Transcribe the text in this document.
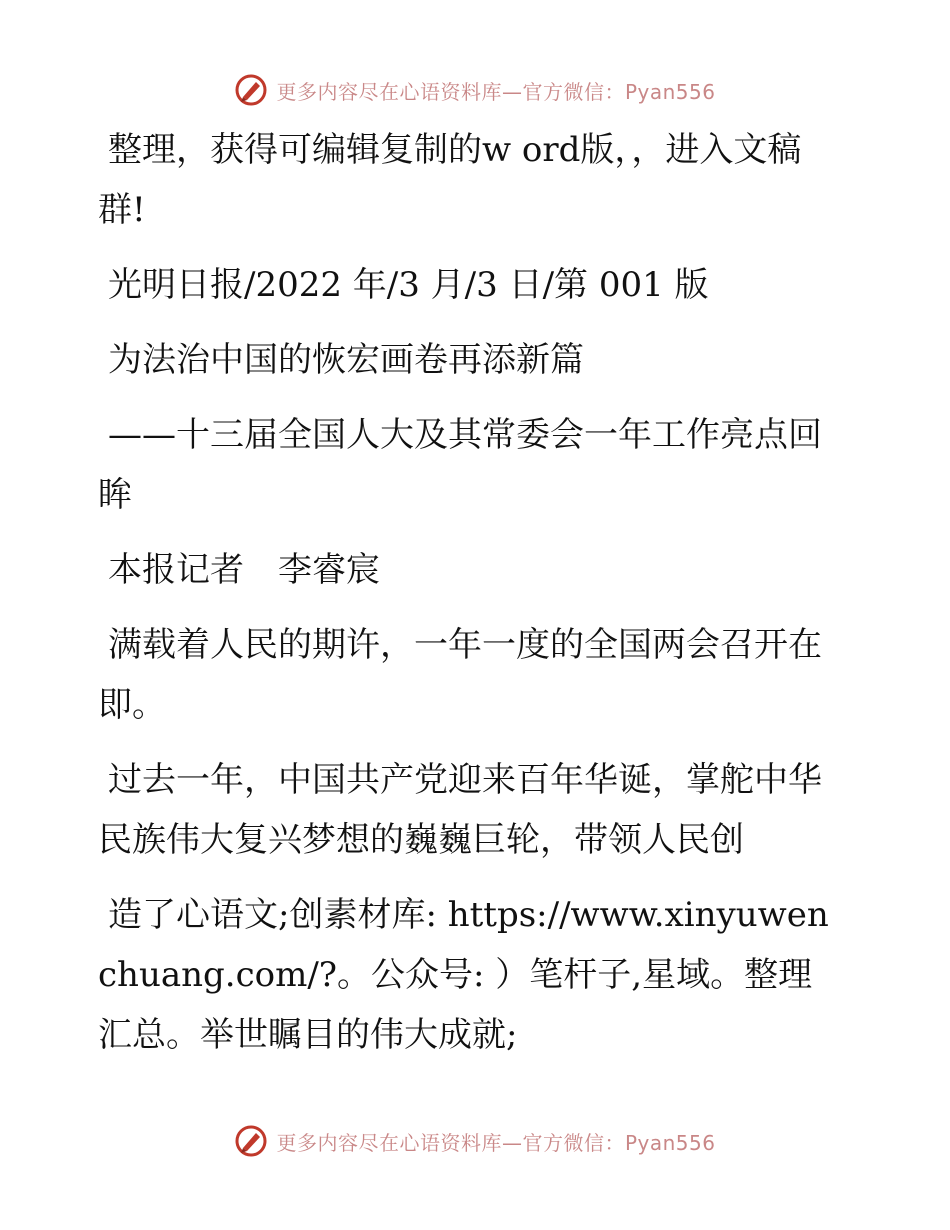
更多内容尽在心语资料库—官方微信：Pyan556

整理，获得可编辑复制的w ord版，，进入文稿群!

光明日报/2022 年/3 月/3 日/第 001 版

为法治中国的恢宏画卷再添新篇

——十三届全国人大及其常委会一年工作亮点回眸

本报记者　李睿宸

满载着人民的期许，一年一度的全国两会召开在即。

过去一年，中国共产党迎来百年华诞，掌舵中华民族伟大复兴梦想的巍巍巨轮，带领人民创

造了心语文;创素材库: https://www.xinyuwenchuang.com/?。公众号: ）笔杆子,星域。整理汇总。举世瞩目的伟大成就;

更多内容尽在心语资料库—官方微信：Pyan556
